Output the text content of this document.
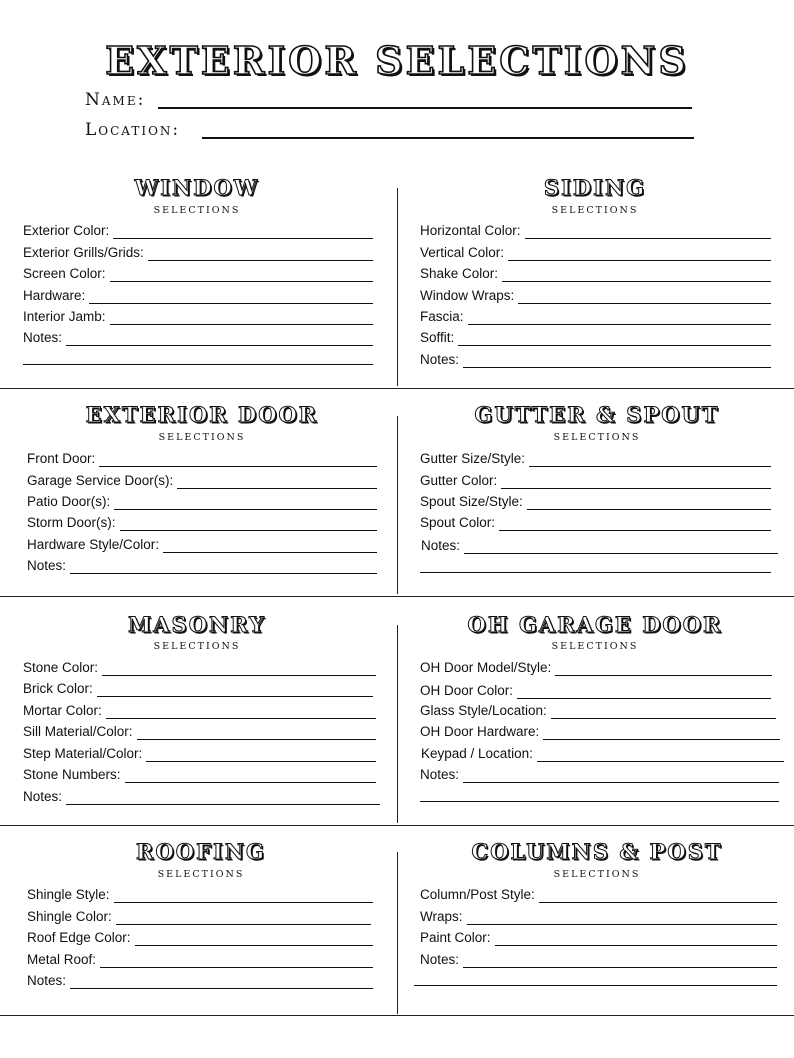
EXTERIOR SELECTIONS
Name:
Location:
WINDOW
SELECTIONS
Exterior Color:
Exterior Grills/Grids:
Screen Color:
Hardware:
Interior Jamb:
Notes:
SIDING
SELECTIONS
Horizontal Color:
Vertical Color:
Shake Color:
Window Wraps:
Fascia:
Soffit:
Notes:
EXTERIOR DOOR
SELECTIONS
Front Door:
Garage Service Door(s):
Patio Door(s):
Storm Door(s):
Hardware Style/Color:
Notes:
GUTTER & SPOUT
SELECTIONS
Gutter Size/Style:
Gutter Color:
Spout Size/Style:
Spout Color:
Notes:
MASONRY
SELECTIONS
Stone Color:
Brick Color:
Mortar Color:
Sill Material/Color:
Step Material/Color:
Stone Numbers:
Notes:
OH GARAGE DOOR
SELECTIONS
OH Door Model/Style:
OH Door Color:
Glass Style/Location:
OH Door Hardware:
Keypad / Location:
Notes:
ROOFING
SELECTIONS
Shingle Style:
Shingle Color:
Roof Edge Color:
Metal Roof:
Notes:
COLUMNS & POST
SELECTIONS
Column/Post Style:
Wraps:
Paint Color:
Notes:
